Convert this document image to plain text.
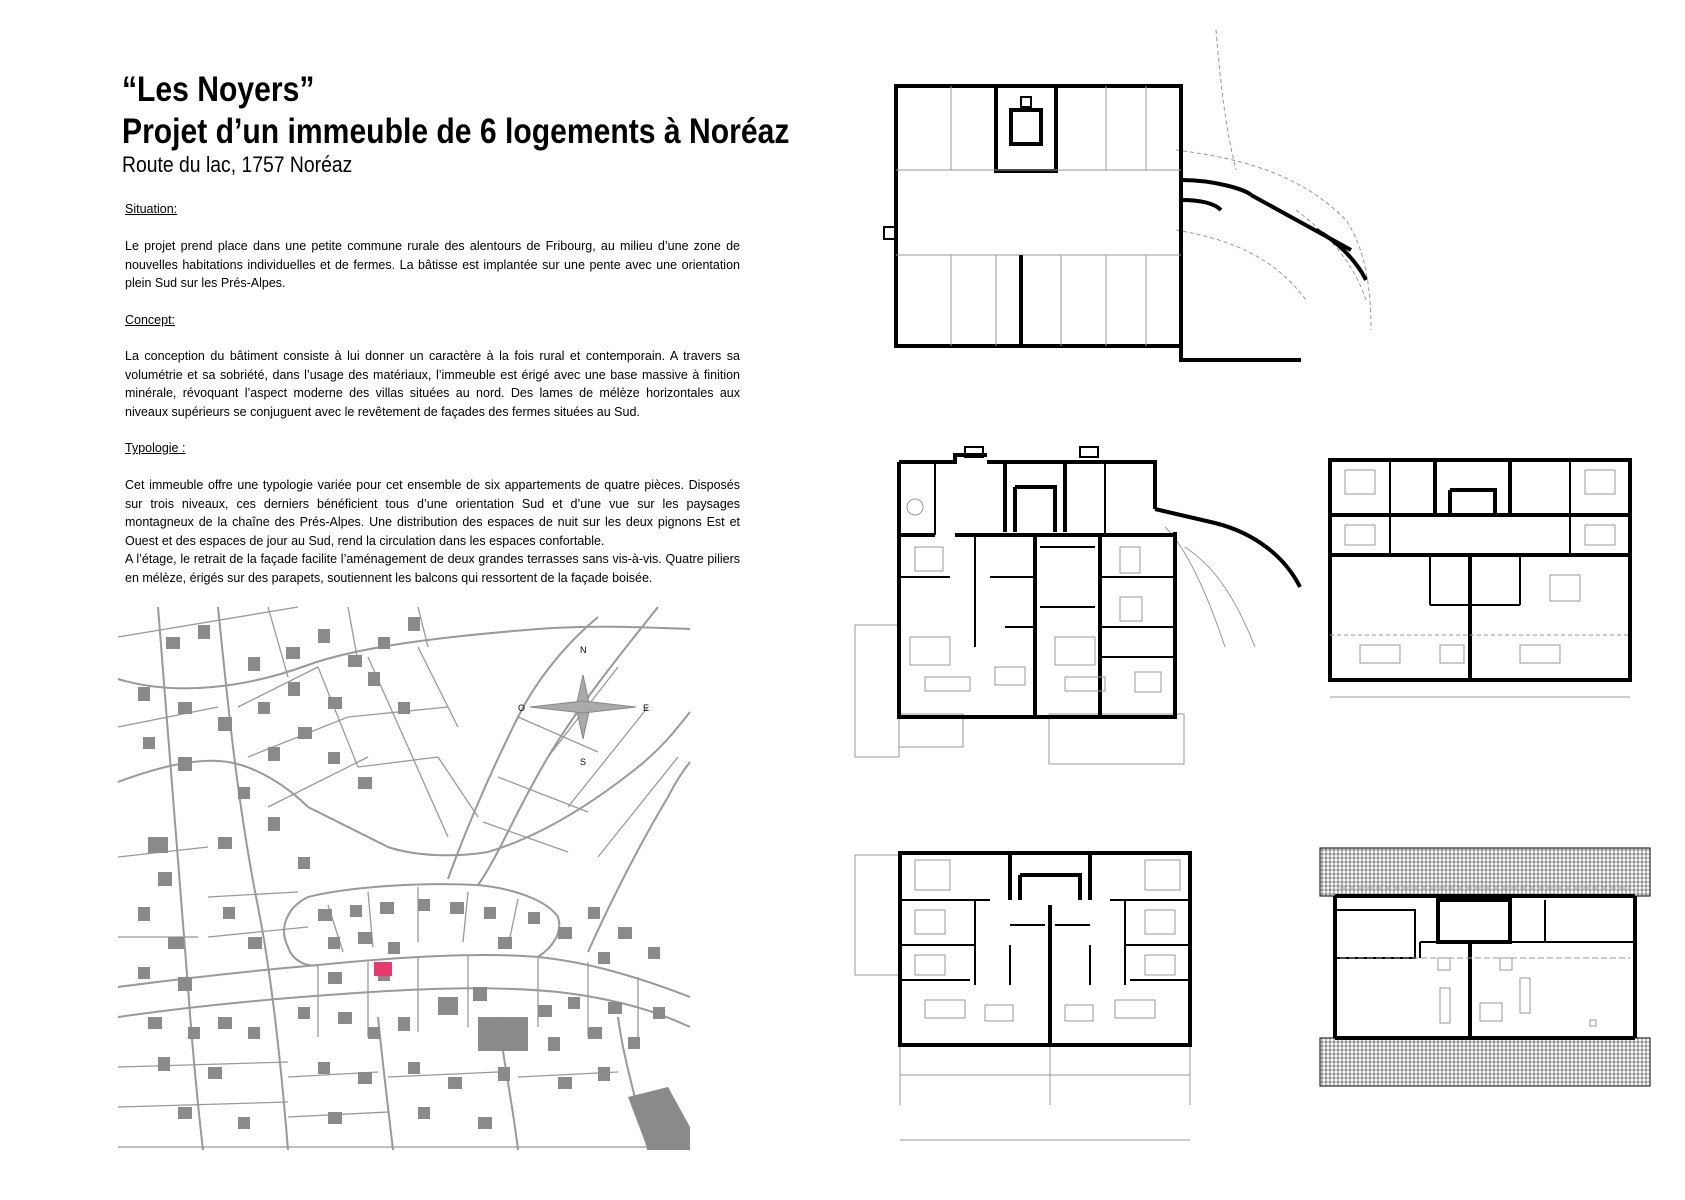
“Les Noyers”
Projet d’un immeuble de 6 logements à Noréaz
Route du lac, 1757 Noréaz
Situation:

Le projet prend place dans une petite commune rurale des alentours de Fribourg, au milieu d’une zone de nouvelles habitations individuelles et de fermes. La bâtisse est implantée sur une pente avec une orientation plein Sud sur les Prés-Alpes.

Concept:

La conception du bâtiment consiste à lui donner un caractère à la fois rural et contemporain. A travers sa volumétrie et sa sobriété, dans l’usage des matériaux, l’immeuble est érigé avec une base massive à finition minérale, révoquant l’aspect moderne des villas situées au nord. Des lames de mélèze horizontales aux niveaux supérieurs se conjuguent avec le revêtement de façades des fermes situées au Sud.

Typologie :

Cet immeuble offre une typologie variée pour cet ensemble de six appartements de quatre pièces. Disposés sur trois niveaux, ces derniers bénéficient tous d’une orientation Sud et d’une vue sur les paysages montagneux de la chaîne des Prés-Alpes. Une distribution des espaces de nuit sur les deux pignons Est et Ouest et des espaces de jour au Sud, rend la circulation dans les espaces confortable.

A l’étage, le retrait de la façade facilite l’aménagement de deux grandes terrasses sans vis-à-vis. Quatre piliers en mélèze, érigés sur des parapets, soutiennent les balcons qui ressortent de la façade boisée.

N
S
O	E
